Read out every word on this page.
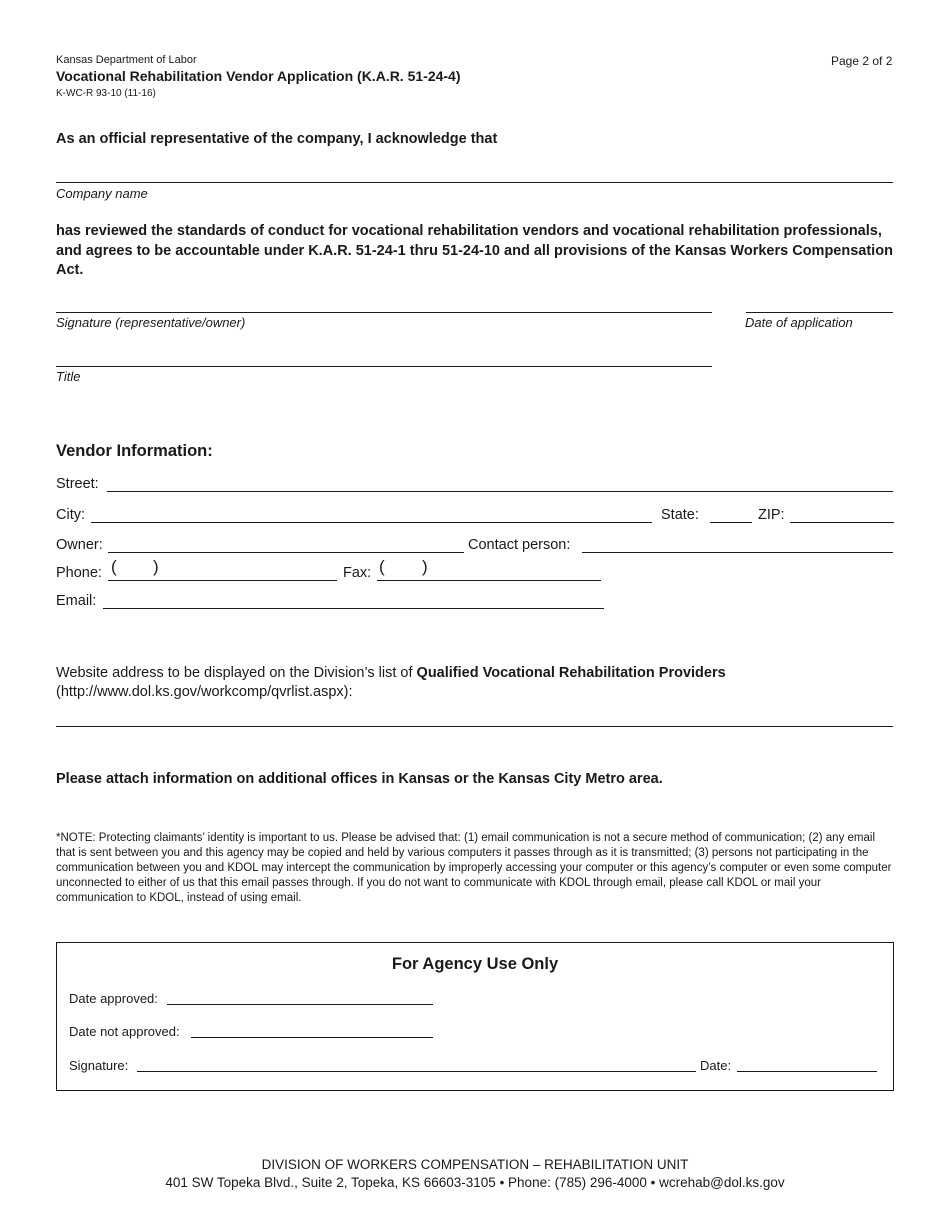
Kansas Department of Labor
Vocational Rehabilitation Vendor Application (K.A.R. 51-24-4)
K-WC-R 93-10 (11-16)
Page 2 of 2
As an official representative of the company, I acknowledge that
Company name
has reviewed the standards of conduct for vocational rehabilitation vendors and vocational rehabilitation professionals, and agrees to be accountable under K.A.R. 51-24-1 thru 51-24-10 and all provisions of the Kansas Workers Compensation Act.
Signature (representative/owner)	Date of application
Title
Vendor Information:
Street:
City:	State:	ZIP:
Owner:	Contact person:
Phone: ( )	Fax: ( )
Email:
Website address to be displayed on the Division’s list of Qualified Vocational Rehabilitation Providers
(http://www.dol.ks.gov/workcomp/qvrlist.aspx):
Please attach information on additional offices in Kansas or the Kansas City Metro area.
*NOTE: Protecting claimants’ identity is important to us. Please be advised that: (1) email communication is not a secure method of communication; (2) any email that is sent between you and this agency may be copied and held by various computers it passes through as it is transmitted; (3) persons not participating in the communication between you and KDOL may intercept the communication by improperly accessing your computer or this agency’s computer or even some computer unconnected to either of us that this email passes through. If you do not want to communicate with KDOL through email, please call KDOL or mail your communication to KDOL, instead of using email.
For Agency Use Only
Date approved:
Date not approved:
Signature:	Date:
DIVISION OF WORKERS COMPENSATION – REHABILITATION UNIT
401 SW Topeka Blvd., Suite 2, Topeka, KS 66603-3105 • Phone: (785) 296-4000 • wcrehab@dol.ks.gov
